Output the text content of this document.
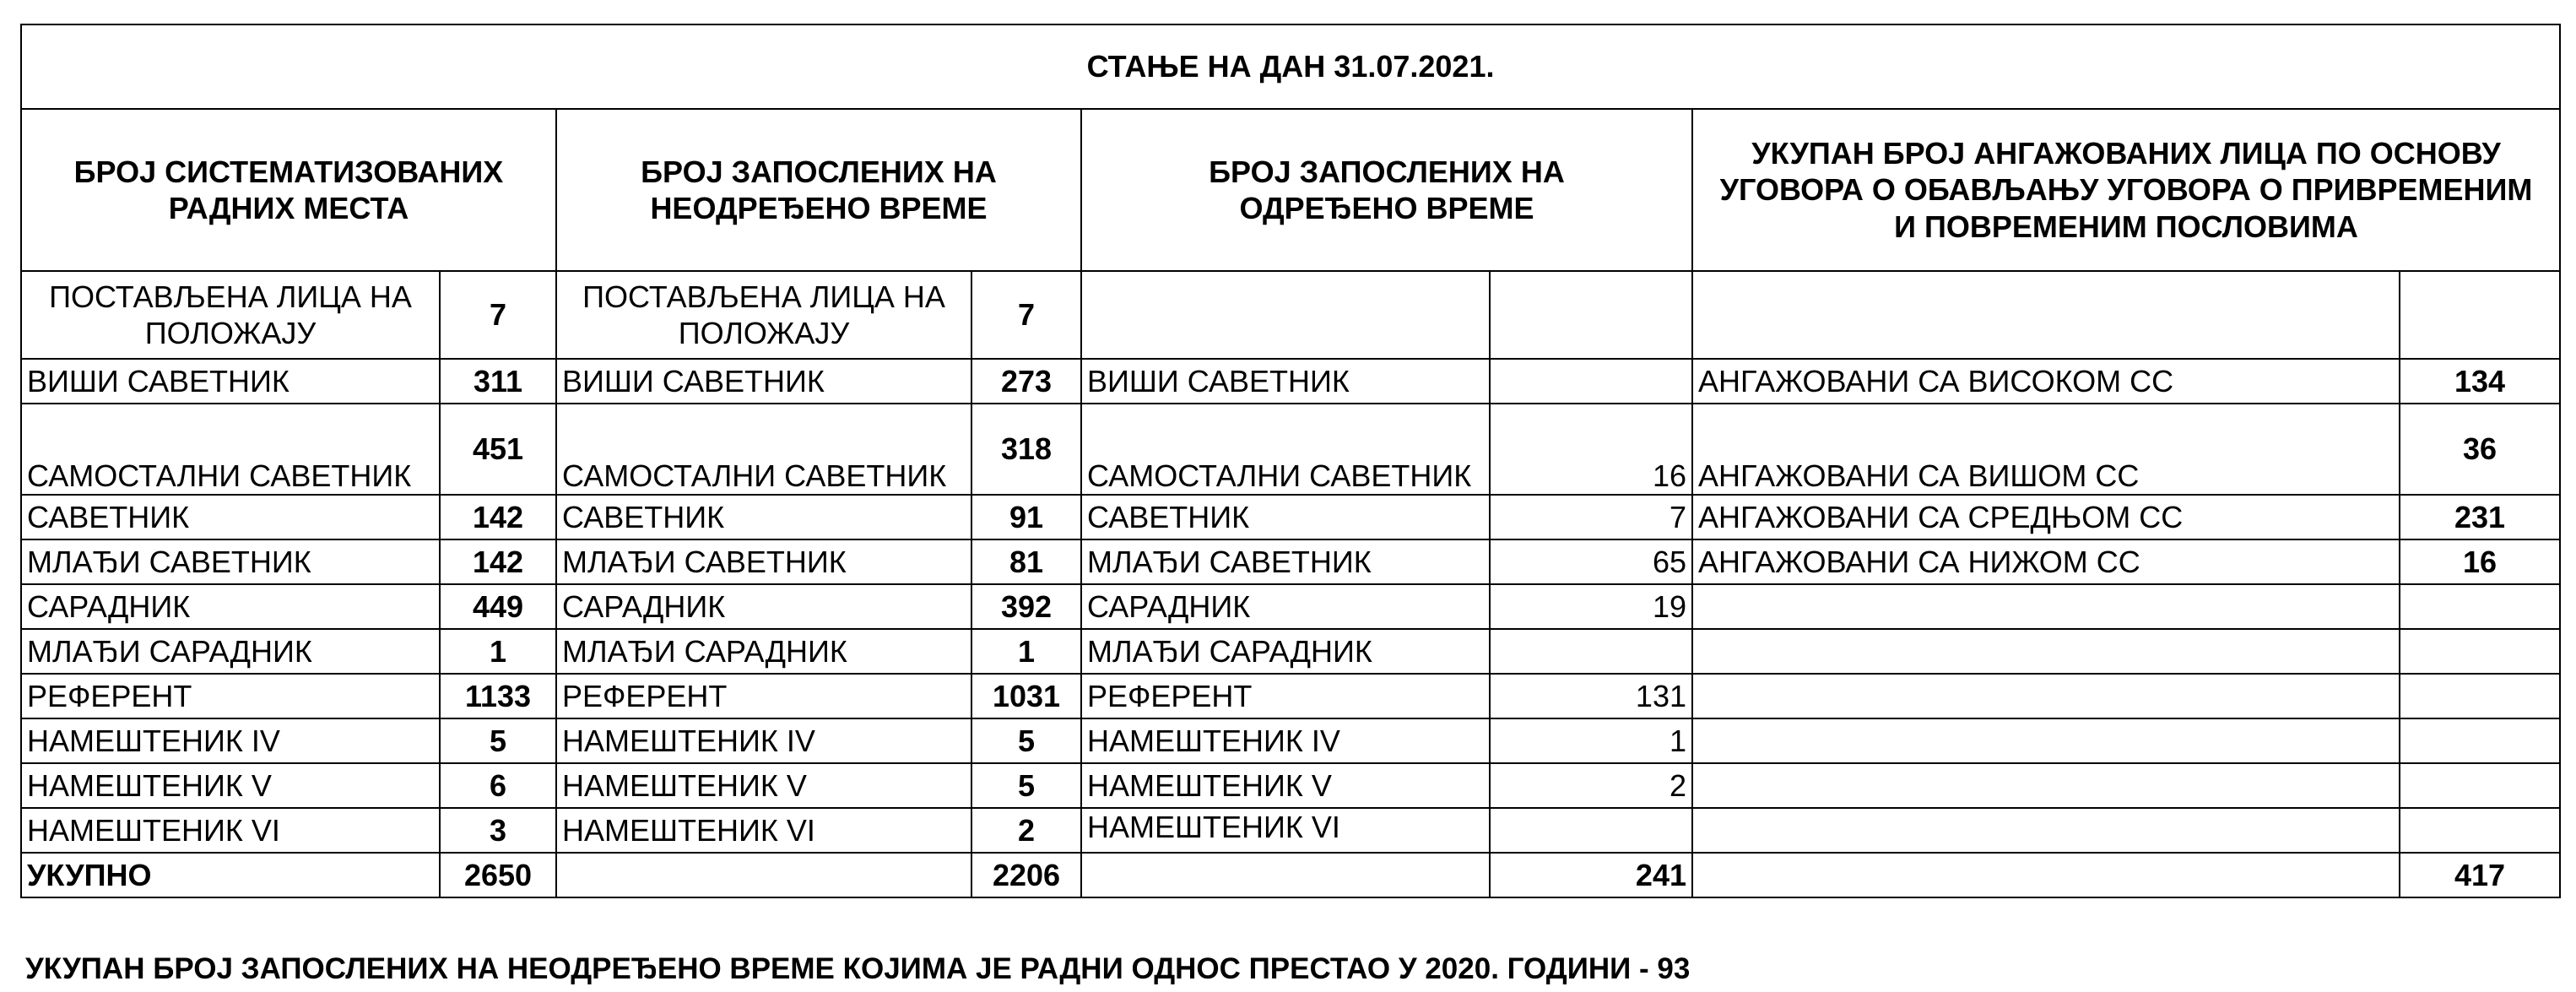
СТАЊЕ НА ДАН 31.07.2021.							
БРОЈ СИСТЕМАТИЗОВАНИХ РАДНИХ МЕСТА		БРОЈ ЗАПОСЛЕНИХ НА НЕОДРЕЂЕНО ВРЕМЕ		БРОЈ ЗАПОСЛЕНИХ НА ОДРЕЂЕНО ВРЕМЕ		УКУПАН БРОЈ АНГАЖОВАНИХ ЛИЦА ПО ОСНОВУ УГОВОРА О ОБАВЉАЊУ УГОВОРА О ПРИВРЕМЕНИМ И ПОВРЕМЕНИМ ПОСЛОВИМА	
ПОСТАВЉЕНА ЛИЦА НА ПОЛОЖАЈУ	7	ПОСТАВЉЕНА ЛИЦА НА ПОЛОЖАЈУ	7				
ВИШИ САВЕТНИК	311	ВИШИ САВЕТНИК	273	ВИШИ САВЕТНИК		АНГАЖОВАНИ СА ВИСОКОМ СС	134
САМОСТАЛНИ САВЕТНИК	451	САМОСТАЛНИ САВЕТНИК	318	САМОСТАЛНИ САВЕТНИК	16	АНГАЖОВАНИ СА ВИШОМ СС	36
САВЕТНИК	142	САВЕТНИК	91	САВЕТНИК	7	АНГАЖОВАНИ СА СРЕДЊОМ СС	231
МЛАЂИ САВЕТНИК	142	МЛАЂИ САВЕТНИК	81	МЛАЂИ САВЕТНИК	65	АНГАЖОВАНИ СА НИЖОМ СС	16
САРАДНИК	449	САРАДНИК	392	САРАДНИК	19		
МЛАЂИ САРАДНИК	1	МЛАЂИ САРАДНИК	1	МЛАЂИ САРАДНИК			
РЕФЕРЕНТ	1133	РЕФЕРЕНТ	1031	РЕФЕРЕНТ	131		
НАМЕШТЕНИК IV	5	НАМЕШТЕНИК IV	5	НАМЕШТЕНИК IV	1		
НАМЕШТЕНИК V	6	НАМЕШТЕНИК V	5	НАМЕШТЕНИК V	2		
НАМЕШТЕНИК VI	3	НАМЕШТЕНИК VI	2	НАМЕШТЕНИК VI			
УКУПНО	2650		2206		241		417
УКУПАН БРОЈ ЗАПОСЛЕНИХ НА НЕОДРЕЂЕНО ВРЕМЕ КОЈИМА ЈЕ РАДНИ ОДНОС ПРЕСТАО У 2020. ГОДИНИ - 93
